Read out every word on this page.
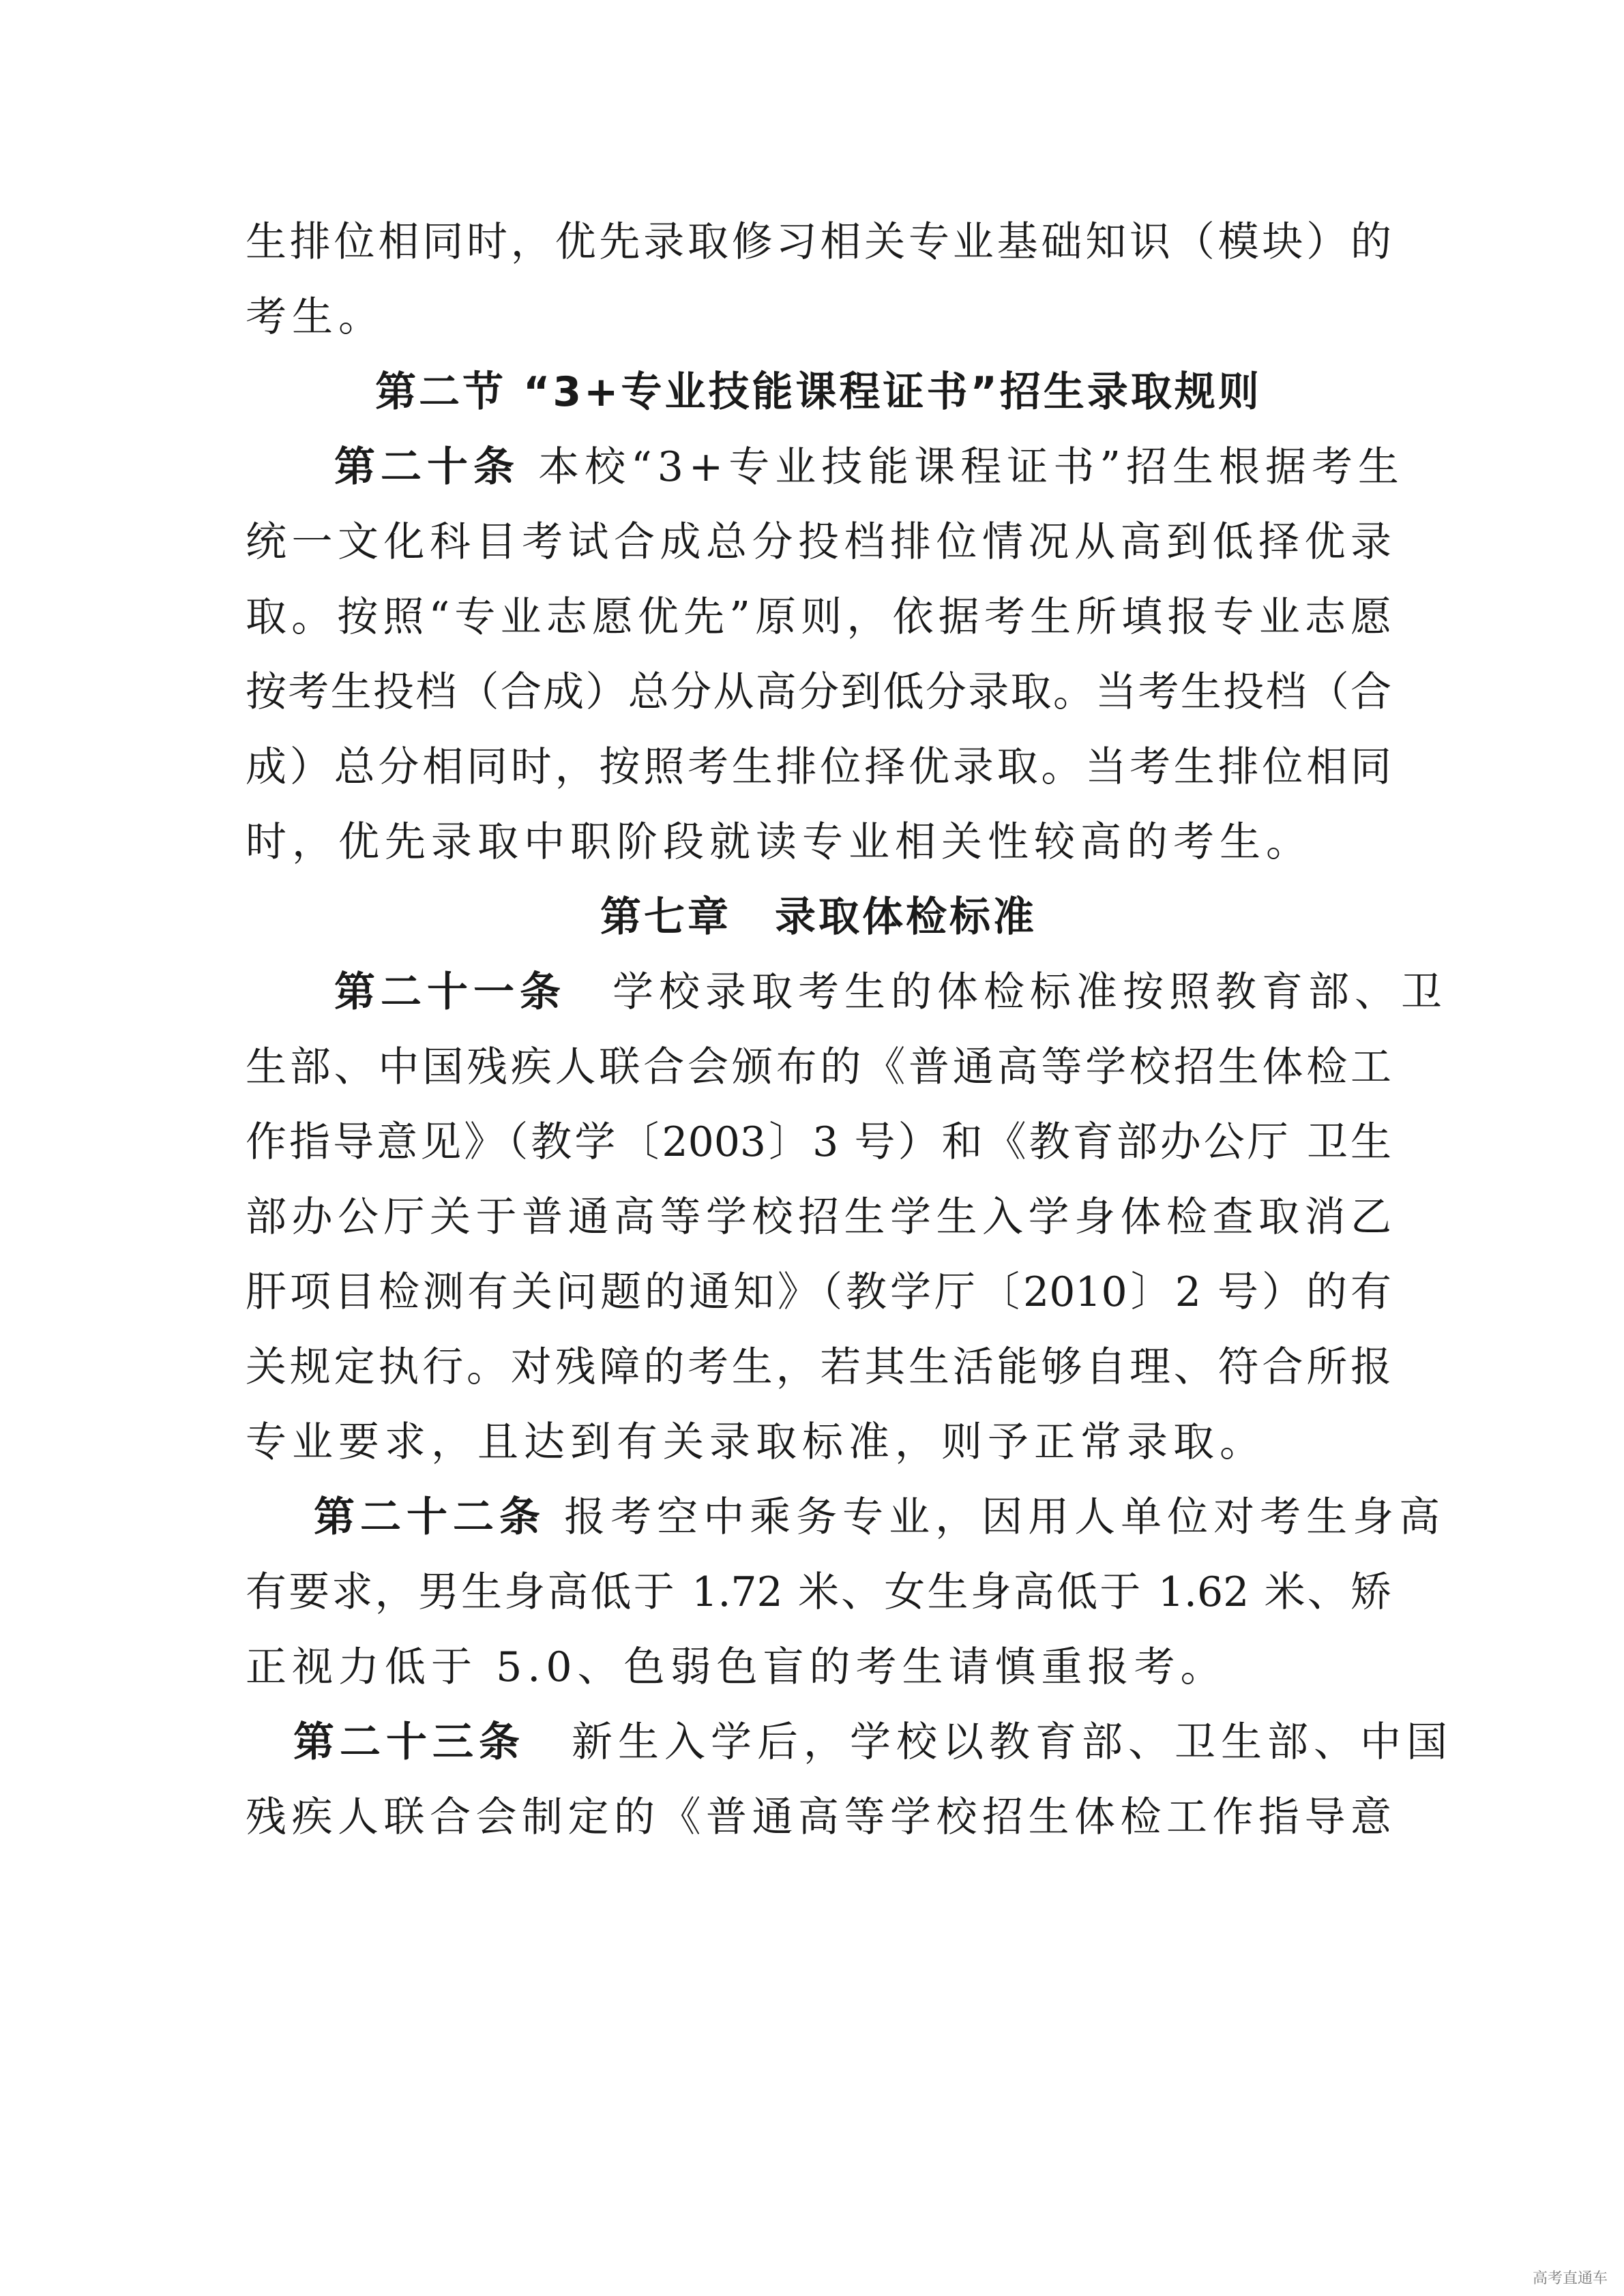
生排位相同时，优先录取修习相关专业基础知识（模块）的
考生。
第二节 “3+专业技能课程证书”招生录取规则
第二十条 本校“3+专业技能课程证书”招生根据考生
统一文化科目考试合成总分投档排位情况从高到低择优录
取。按照“专业志愿优先”原则，依据考生所填报专业志愿
按考生投档（合成）总分从高分到低分录取。当考生投档（合
成）总分相同时，按照考生排位择优录取。当考生排位相同
时，优先录取中职阶段就读专业相关性较高的考生。
第七章　录取体检标准
第二十一条　学校录取考生的体检标准按照教育部、卫
生部、中国残疾人联合会颁布的《普通高等学校招生体检工
作指导意见》（教学〔2003〕3 号）和《教育部办公厅 卫生
部办公厅关于普通高等学校招生学生入学身体检查取消乙
肝项目检测有关问题的通知》（教学厅〔2010〕2 号）的有
关规定执行。对残障的考生，若其生活能够自理、符合所报
专业要求，且达到有关录取标准，则予正常录取。
第二十二条 报考空中乘务专业，因用人单位对考生身高
有要求，男生身高低于 1.72 米、女生身高低于 1.62 米、矫
正视力低于 5.0、色弱色盲的考生请慎重报考。
第二十三条　新生入学后，学校以教育部、卫生部、中国
残疾人联合会制定的《普通高等学校招生体检工作指导意
高考直通车
